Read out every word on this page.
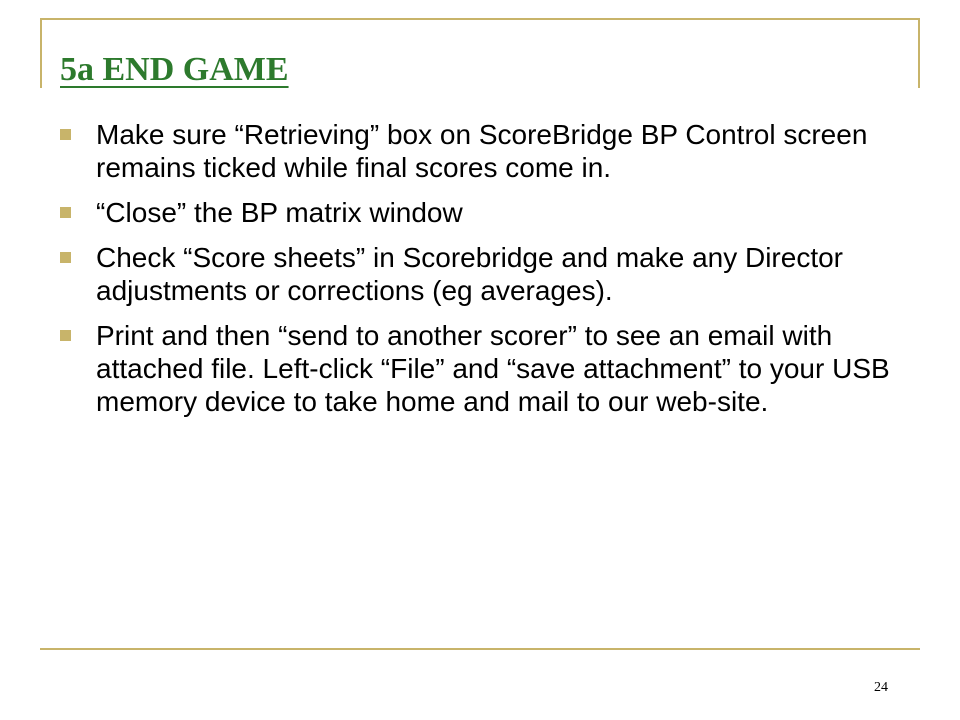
5a END GAME
Make sure “Retrieving” box on ScoreBridge BP Control screen remains ticked while final scores come in.
“Close” the BP matrix window
Check “Score sheets” in Scorebridge and make any Director adjustments or corrections (eg averages).
Print and then “send to another scorer” to see an email with attached file. Left-click “File” and “save attachment” to your USB memory device to take home and mail to our web-site.
24
